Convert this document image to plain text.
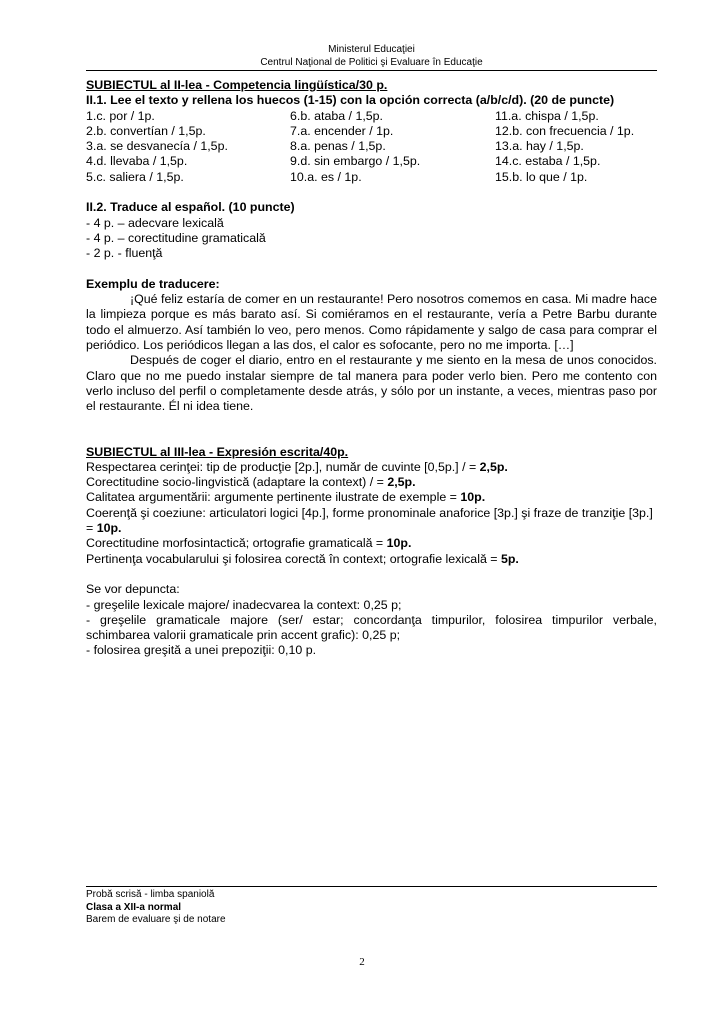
Ministerul Educaţiei
Centrul Naţional de Politici şi Evaluare în Educaţie

SUBIECTUL al II-lea - Competencia lingüística/30 p.

II.1. Lee el texto y rellena los huecos (1-15) con la opción correcta (a/b/c/d). (20 de puncte)

1.c. por / 1p.	6.b. ataba / 1,5p.	11.a. chispa / 1,5p.
2.b. convertían / 1,5p.	7.a. encender / 1p.	12.b. con frecuencia / 1p.
3.a. se desvanecía / 1,5p.	8.a. penas / 1,5p.	13.a. hay / 1,5p.
4.d. llevaba / 1,5p.	9.d. sin embargo / 1,5p.	14.c. estaba / 1,5p.
5.c. saliera / 1,5p.	10.a. es / 1p.	15.b. lo que / 1p.

II.2. Traduce al español. (10 puncte)

- 4 p. – adecvare lexicală

- 4 p. – corectitudine gramaticală

- 2 p. - fluenţă

Exemplu de traducere:

¡Qué feliz estaría de comer en un restaurante! Pero nosotros comemos en casa. Mi madre hace la limpieza porque es más barato así. Si comiéramos en el restaurante, vería a Petre Barbu durante todo el almuerzo. Así también lo veo, pero menos. Como rápidamente y salgo de casa para comprar el periódico. Los periódicos llegan a las dos, el calor es sofocante, pero no me importa. […]

Después de coger el diario, entro en el restaurante y me siento en la mesa de unos conocidos. Claro que no me puedo instalar siempre de tal manera para poder verlo bien. Pero me contento con verlo incluso del perfil o completamente desde atrás, y sólo por un instante, a veces, mientras paso por el restaurante. Él ni idea tiene.

SUBIECTUL al III-lea - Expresión escrita/40p.

Respectarea cerinţei: tip de producţie [2p.], număr de cuvinte [0,5p.] / = 2,5p.

Corectitudine socio-lingvistică (adaptare la context) / = 2,5p.

Calitatea argumentării: argumente pertinente ilustrate de exemple = 10p.

Coerenţă şi coeziune: articulatori logici [4p.], forme pronominale anaforice [3p.] şi fraze de tranziţie [3p.] = 10p.

Corectitudine morfosintactică; ortografie gramaticală = 10p.

Pertinenţa vocabularului şi folosirea corectă în context; ortografie lexicală = 5p.

Se vor depuncta:

- greşelile lexicale majore/ inadecvarea la context: 0,25 p;

- greşelile gramaticale majore (ser/ estar; concordanţa timpurilor, folosirea timpurilor verbale, schimbarea valorii gramaticale prin accent grafic): 0,25 p;

- folosirea greşită a unei prepoziţii: 0,10 p.

Probă scrisă - limba spaniolă
Clasa a XII-a normal
Barem de evaluare şi de notare
2
